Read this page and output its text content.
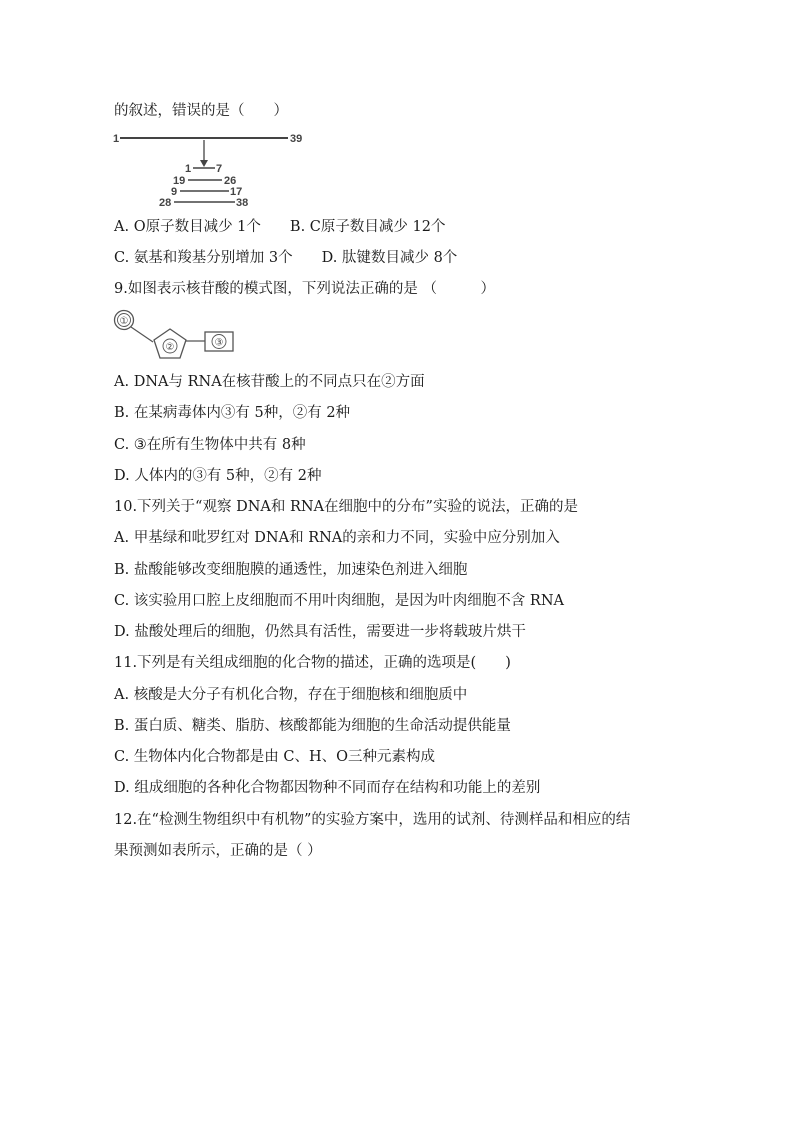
的叙述，错误的是（　　）
1	39
1 7
19	26
9	17
28	38
A. O原子数目减少 1个　　B. C原子数目减少 12个
C. 氨基和羧基分别增加 3个　　D. 肽键数目减少 8个
9.如图表示核苷酸的模式图，下列说法正确的是 （　　　）
①
②	③
A. DNA与 RNA在核苷酸上的不同点只在②方面
B. 在某病毒体内③有 5种，②有 2种
C. ③在所有生物体中共有 8种
D. 人体内的③有 5种，②有 2种
10.下列关于“观察 DNA和 RNA在细胞中的分布”实验的说法，正确的是
A. 甲基绿和吡罗红对 DNA和 RNA的亲和力不同，实验中应分别加入
B. 盐酸能够改变细胞膜的通透性，加速染色剂进入细胞
C. 该实验用口腔上皮细胞而不用叶肉细胞，是因为叶肉细胞不含 RNA
D. 盐酸处理后的细胞，仍然具有活性，需要进一步将载玻片烘干
11.下列是有关组成细胞的化合物的描述，正确的选项是(　　)
A. 核酸是大分子有机化合物，存在于细胞核和细胞质中
B. 蛋白质、糖类、脂肪、核酸都能为细胞的生命活动提供能量
C. 生物体内化合物都是由 C、H、O三种元素构成
D. 组成细胞的各种化合物都因物种不同而存在结构和功能上的差别
12.在“检测生物组织中有机物”的实验方案中，选用的试剂、待测样品和相应的结
果预测如表所示，正确的是（ ）
